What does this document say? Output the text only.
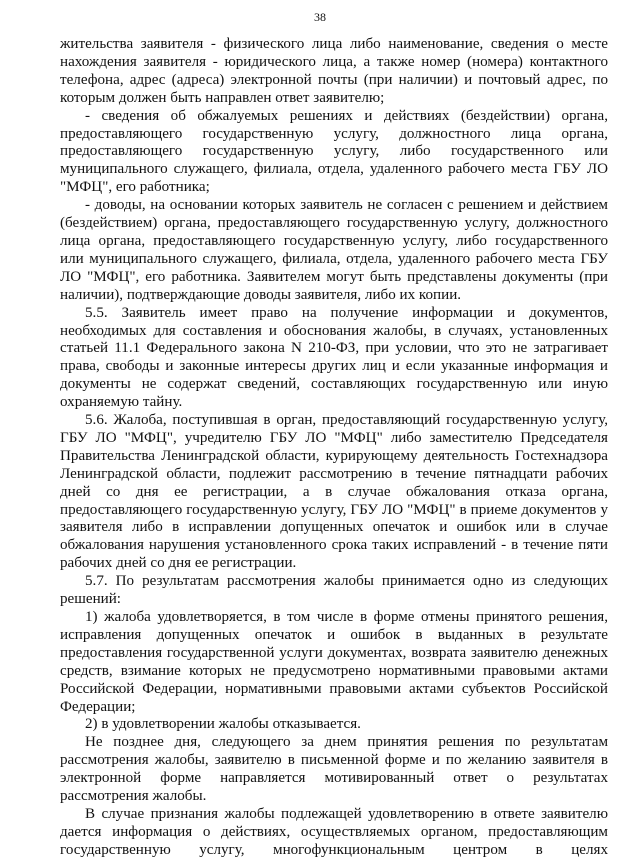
38

жительства заявителя - физического лица либо наименование, сведения о месте нахождения заявителя - юридического лица, а также номер (номера) контактного телефона, адрес (адреса) электронной почты (при наличии) и почтовый адрес, по которым должен быть направлен ответ заявителю;

- сведения об обжалуемых решениях и действиях (бездействии) органа, предоставляющего государственную услугу, должностного лица органа, предоставляющего государственную услугу, либо государственного или муниципального служащего, филиала, отдела, удаленного рабочего места ГБУ ЛО "МФЦ", его работника;

- доводы, на основании которых заявитель не согласен с решением и действием (бездействием) органа, предоставляющего государственную услугу, должностного лица органа, предоставляющего государственную услугу, либо государственного или муниципального служащего, филиала, отдела, удаленного рабочего места ГБУ ЛО "МФЦ", его работника. Заявителем могут быть представлены документы (при наличии), подтверждающие доводы заявителя, либо их копии.

5.5. Заявитель имеет право на получение информации и документов, необходимых для составления и обоснования жалобы, в случаях, установленных статьей 11.1 Федерального закона N 210-ФЗ, при условии, что это не затрагивает права, свободы и законные интересы других лиц и если указанные информация и документы не содержат сведений, составляющих государственную или иную охраняемую тайну.

5.6. Жалоба, поступившая в орган, предоставляющий государственную услугу, ГБУ ЛО "МФЦ", учредителю ГБУ ЛО "МФЦ" либо заместителю Председателя Правительства Ленинградской области, курирующему деятельность Гостехнадзора Ленинградской области, подлежит рассмотрению в течение пятнадцати рабочих дней со дня ее регистрации, а в случае обжалования отказа органа, предоставляющего государственную услугу, ГБУ ЛО "МФЦ" в приеме документов у заявителя либо в исправлении допущенных опечаток и ошибок или в случае обжалования нарушения установленного срока таких исправлений - в течение пяти рабочих дней со дня ее регистрации.

5.7. По результатам рассмотрения жалобы принимается одно из следующих решений:

1) жалоба удовлетворяется, в том числе в форме отмены принятого решения, исправления допущенных опечаток и ошибок в выданных в результате предоставления государственной услуги документах, возврата заявителю денежных средств, взимание которых не предусмотрено нормативными правовыми актами Российской Федерации, нормативными правовыми актами субъектов Российской Федерации;

2) в удовлетворении жалобы отказывается.

Не позднее дня, следующего за днем принятия решения по результатам рассмотрения жалобы, заявителю в письменной форме и по желанию заявителя в электронной форме направляется мотивированный ответ о результатах рассмотрения жалобы.

В случае признания жалобы подлежащей удовлетворению в ответе заявителю дается информация о действиях, осуществляемых органом, предоставляющим государственную услугу, многофункциональным центром в целях
